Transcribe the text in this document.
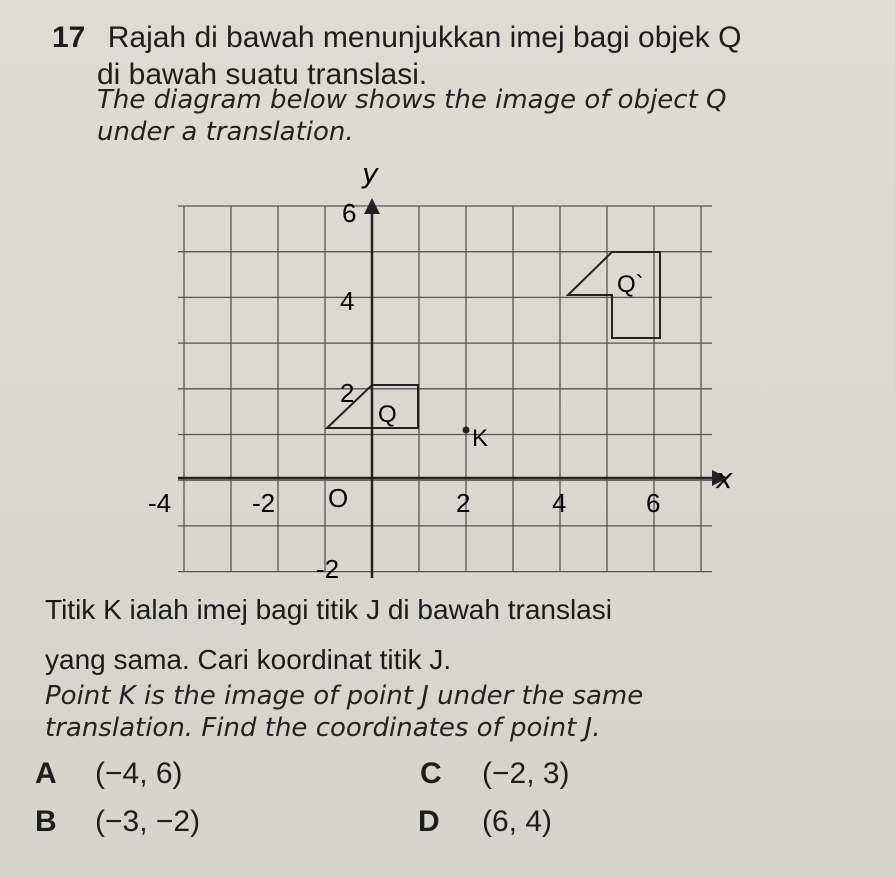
17 Rajah di bawah menunjukkan imej bagi objek Q
di bawah suatu translasi.
The diagram below shows the image of object Q
under a translation.
y
x
6
4
2
-2
-4	-2 O	2	4	6
Q
Q`
K
Titik K ialah imej bagi titik J di bawah translasi
yang sama. Cari koordinat titik J.
Point K is the image of point J under the same
translation. Find the coordinates of point J.
A (−4, 6)
B (−3, −2)
C (−2, 3)
D (6, 4)
